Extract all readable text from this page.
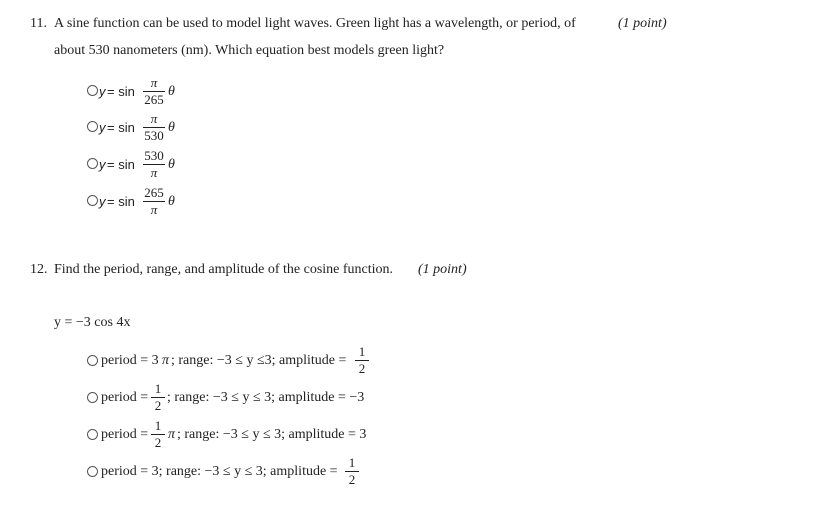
11. A sine function can be used to model light waves. Green light has a wavelength, or period, of	(1 point)
about 530 nanometers (nm). Which equation best models green light?
y = sin
π
265
θ
y = sin
π
530
θ
y = sin
530
π
θ
y = sin
265
π
θ
12. Find the period, range, and amplitude of the cosine function. (1 point)
y = −3 cos 4x
period = 3 π ; range: −3 ≤ y ≤3; amplitude =
1
2
period =
1
2
; range: −3 ≤ y ≤ 3; amplitude = −3
period =
1
2
π ; range: −3 ≤ y ≤ 3; amplitude = 3
period = 3; range: −3 ≤ y ≤ 3; amplitude =
1
2
